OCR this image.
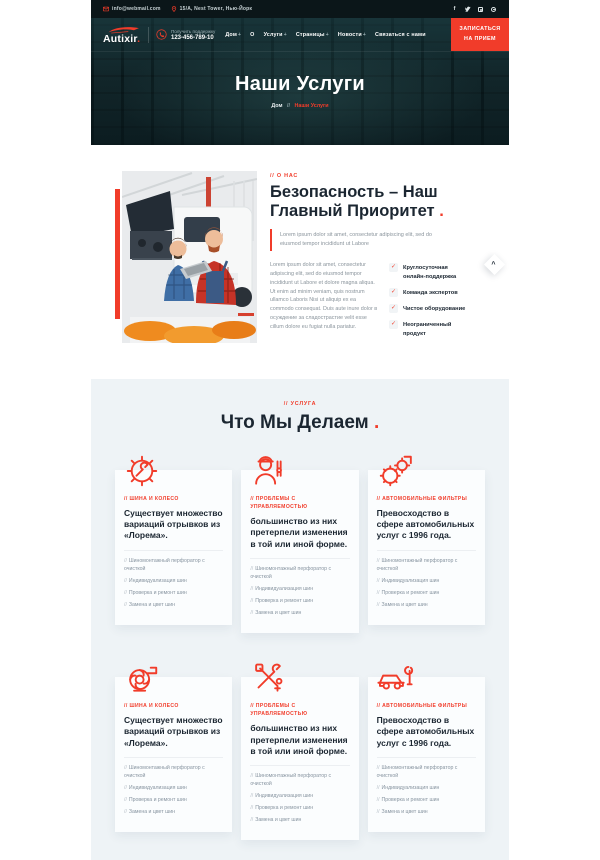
info@webmail.com	15/A, Nest Tower, Нью-Йорк	f
Autixir.
Получить поддержку
123-456-789-10 Дом+ О Услуги+ Страницы+ Новости+ Связаться с нами
ЗАПИСАТЬСЯ НА ПРИЕМ
Наши Услуги
Дом // Наши Услуги
// О НАС
Безопасность – Наш Главный Приоритет .
Lorem ipsum dolor sit amet, consectetur adipiscing elit, sed do eiusmod tempor incididunt ut Labore

Lorem ipsum dolor sit amet, consectetur adipiscing elit, sed do eiusmod tempor incididunt ut Labore et dolore magna aliqua. Ut enim ad minim veniam, quis nostrum ullamco Laboris Nisi ut aliquip ex ea commodo consequat. Duis aute inure dolor в осуждение за сладострастие velit esse cillum dolore eu fugiat nulla pariatur.

✓	Круглосуточная онлайн-поддержка
✓	Команда экспертов
✓	Чистое оборудование
✓	Неограниченный продукт
^
// УСЛУГА
Что Мы Делаем .
// ШИНА И КОЛЕСО
Существует множество вариаций отрывков из «Лорема».
// Шиномонтажный перфоратор с очисткой
// Индивидуализация шин
// Проверка и ремонт шин
// Замена и цвет шин
// ПРОБЛЕМЫ С УПРАВЛЯЕМОСТЬЮ
большинство из них претерпели изменения в той или иной форме.
// Шиномонтажный перфоратор с очисткой
// Индивидуализация шин
// Проверка и ремонт шин
// Замена и цвет шин
// АВТОМОБИЛЬНЫЕ ФИЛЬТРЫ
Превосходство в сфере автомобильных услуг с 1996 года.
// Шиномонтажный перфоратор с очисткой
// Индивидуализация шин
// Проверка и ремонт шин
// Замена и цвет шин
// ШИНА И КОЛЕСО
Существует множество вариаций отрывков из «Лорема».
// Шиномонтажный перфоратор с очисткой
// Индивидуализация шин
// Проверка и ремонт шин
// Замена и цвет шин
// ПРОБЛЕМЫ С УПРАВЛЯЕМОСТЬЮ
большинство из них претерпели изменения в той или иной форме.
// Шиномонтажный перфоратор с очисткой
// Индивидуализация шин
// Проверка и ремонт шин
// Замена и цвет шин
// АВТОМОБИЛЬНЫЕ ФИЛЬТРЫ
Превосходство в сфере автомобильных услуг с 1996 года.
// Шиномонтажный перфоратор с очисткой
// Индивидуализация шин
// Проверка и ремонт шин
// Замена и цвет шин
